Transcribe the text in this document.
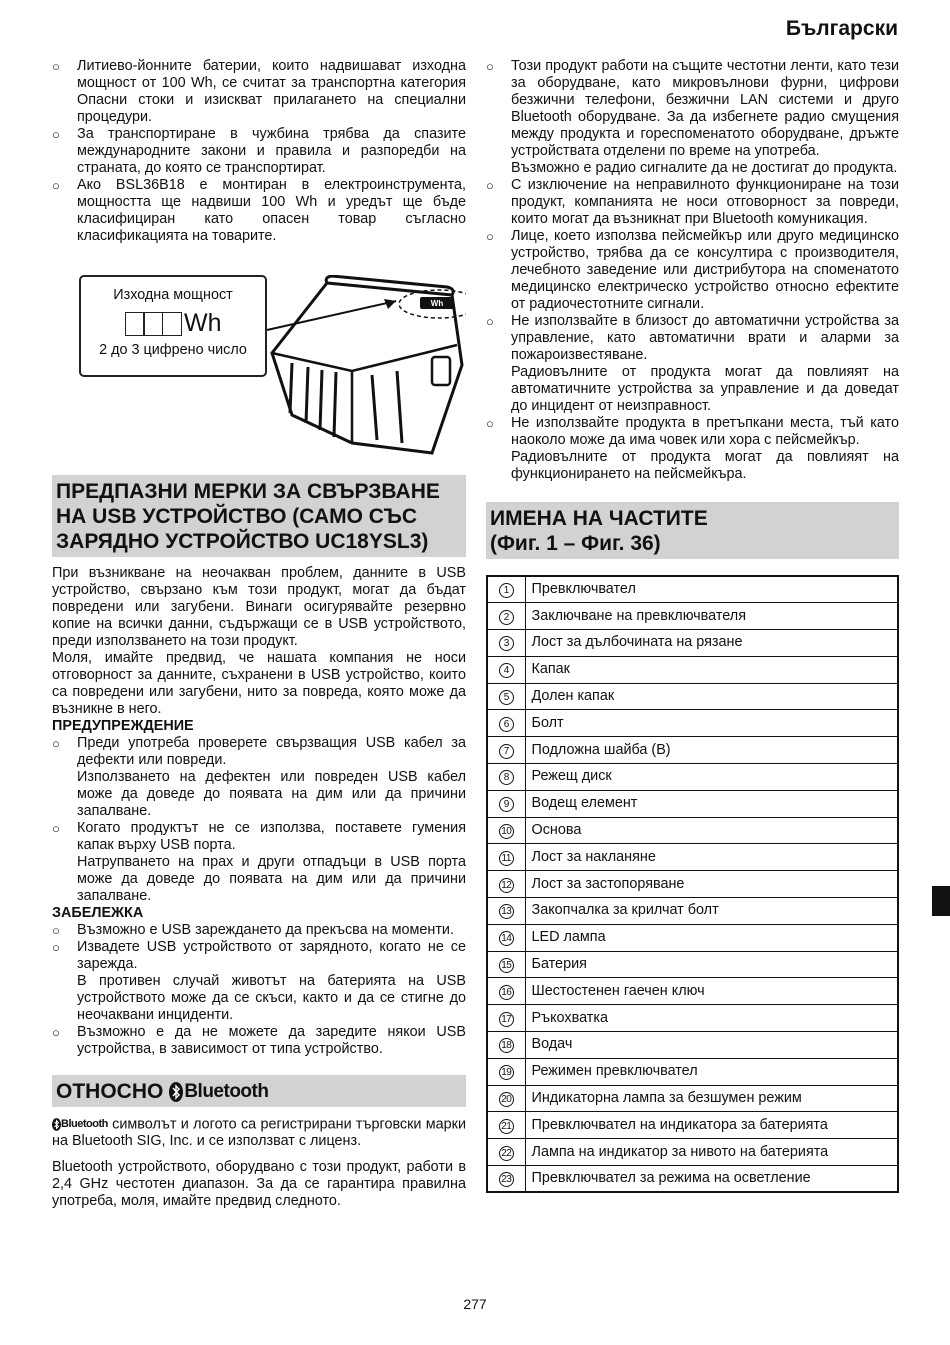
Български
○	Литиево-йонните батерии, които надвишават изходна мощност от 100 Wh, се считат за транспортна категория Опасни стоки и изискват прилагането на специални процедури.
○	За транспортиране в чужбина трябва да спазите международните закони и правила и разпоредби на страната, до която се транспортират.
○	Ако BSL36B18 е монтиран в електроинструмента, мощността ще надвиши 100 Wh и уредът ще бъде класифициран като опасен товар съгласно класификацията на товарите.
Wh
Изходна мощност
Wh
2 до 3 цифрено число
ПРЕДПАЗНИ МЕРКИ ЗА СВЪРЗВАНЕ НА USB УСТРОЙСТВО (САМО СЪС ЗАРЯДНО УСТРОЙСТВО UC18YSL3)
При възникване на неочакван проблем, данните в USB устройство, свързано към този продукт, могат да бъдат повредени или загубени. Винаги осигурявайте резервно копие на всички данни, съдържащи се в USB устройството, преди използването на този продукт.
Моля, имайте предвид, че нашата компания не носи отговорност за данните, съхранени в USB устройство, които са повредени или загубени, нито за повреда, която може да възникне в него.
ПРЕДУПРЕЖДЕНИЕ
○	Преди употреба проверете свързващия USB кабел за дефекти или повреди.
Използването на дефектен или повреден USB кабел може да доведе до появата на дим или да причини запалване.
○	Когато продуктът не се използва, поставете гумения капак върху USB порта.
Натрупването на прах и други отпадъци в USB порта може да доведе до появата на дим или да причини запалване.
ЗАБЕЛЕЖКА
○	Възможно е USB зареждането да прекъсва на моменти.
○	Извадете USB устройството от зарядното, когато не се зарежда.
В противен случай животът на батерията на USB устройството може да се скъси, както и да се стигне до неочаквани инциденти.
○	Възможно е да не можете да заредите някои USB устройства, в зависимост от типа устройство.
ОТНОСНО Bluetooth
Bluetooth символът и логото са регистрирани търговски марки на Bluetooth SIG, Inc. и се използват с лиценз.
Bluetooth устройството, оборудвано с този продукт, работи в 2,4 GHz честотен диапазон. За да се гарантира правилна употреба, моля, имайте предвид следното.
○	Този продукт работи на същите честотни ленти, като тези за оборудване, като микровълнови фурни, цифрови безжични телефони, безжични LAN системи и друго Bluetooth оборудване. За да избегнете радио смущения между продукта и гореспоменатото оборудване, дръжте устройствата отделени по време на употреба.
Възможно е радио сигналите да не достигат до продукта.
○	С изключение на неправилното функциониране на този продукт, компанията не носи отговорност за повреди, които могат да възникнат при Bluetooth комуникация.
○	Лице, което използва пейсмейкър или друго медицинско устройство, трябва да се консултира с производителя, лечебното заведение или дистрибутора на споменатото медицинско електрическо устройство относно ефектите от радиочестотните сигнали.
○	Не използвайте в близост до автоматични устройства за управление, като автоматични врати и аларми за пожароизвестяване.
Радиовълните от продукта могат да повлияят на автоматичните устройства за управление и да доведат до инцидент от неизправност.
○	Не използвайте продукта в претъпкани места, тъй като наоколо може да има човек или хора с пейсмейкър.
Радиовълните от продукта могат да повлияят на функционирането на пейсмейкъра.
ИМЕНА НА ЧАСТИТЕ
(Фиг. 1 – Фиг. 36)
1	Превключвател
2	Заключване на превключвателя
3	Лост за дълбочината на рязане
4	Капак
5	Долен капак
6	Болт
7	Подложна шайба (B)
8	Режещ диск
9	Водещ елемент
10	Основа
11	Лост за накланяне
12	Лост за застопоряване
13	Закопчалка за крилчат болт
14	LED лампа
15	Батерия
16	Шестостенен гаечен ключ
17	Ръкохватка
18	Водач
19	Режимен превключвател
20	Индикаторна лампа за безшумен режим
21	Превключвател на индикатора за батерията
22	Лампа на индикатор за нивото на батерията
23	Превключвател за режима на осветление
277
